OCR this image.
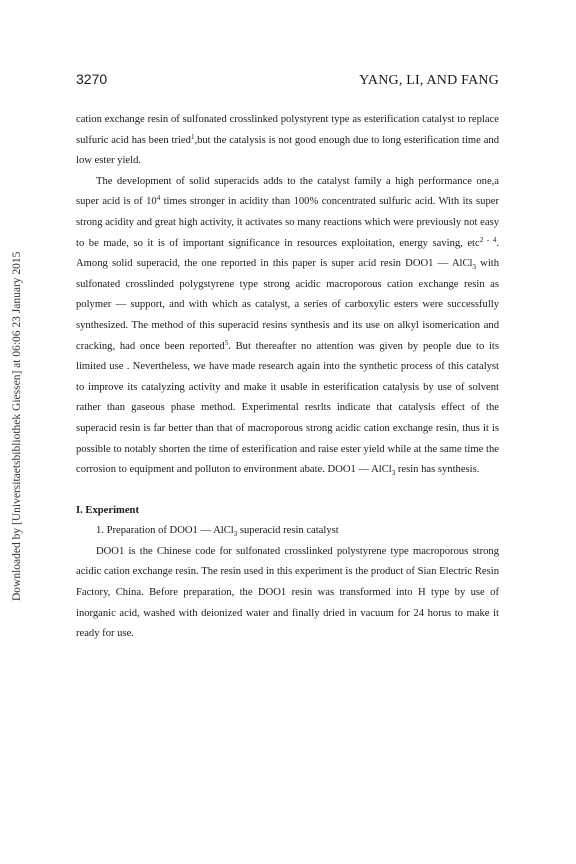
Downloaded by [Universitaetsbibliothek Giessen] at 06:06 23 January 2015
3270	YANG, LI, AND FANG

cation exchange resin of sulfonated crosslinked polystyrent type as esterification catalyst to replace sulfuric acid has been tried$^1$,but the catalysis is not good enough due to long esterification time and low ester yield.

The development of solid superacids adds to the catalyst family a high performance one,a super acid is of $10^4$ times stronger in acidity than 100% concentrated sulfuric acid. With its super strong acidity and great high activity, it activates so many reactions which were previously not easy to be made, so it is of important significance in resources exploitation, energy saving, etc$^{2 - 4}$. Among solid superacid, the one reported in this paper is super acid resin DOO1 — AlCl$_3$ with sulfonated crosslinded polygstyrene type strong acidic macroporous cation exchange resin as polymer — support, and with which as catalyst, a series of carboxylic esters were successfully synthesized. The method of this superacid resins synthesis and its use on alkyl isomerication and cracking, had once been reported$^5$. But thereafter no attention was given by people due to its limited use . Nevertheless, we have made research again into the synthetic process of this catalyst to improve its catalyzing activity and make it usable in esterification catalysis by use of solvent rather than gaseous phase method. Experimental resrlts indicate that catalysis effect of the superacid resin is far better than that of macroporous strong acidic cation exchange resin, thus it is possible to notably shorten the time of esterification and raise ester yield while at the same time the corrosion to equipment and polluton to environment abate. DOO1 — AlCl$_3$ resin has synthesis.

I. Experiment

1. Preparation of DOO1 — AlCl$_3$ superacid resin catalyst

DOO1 is the Chinese code for sulfonated crosslinked polystyrene type macroporous strong acidic cation exchange resin. The resin used in this experiment is the product of Sian Electric Resin Factory, China. Before preparation, the DOO1 resin was transformed into H type by use of inorganic acid, washed with deionized water and finally dried in vacuum for 24 horus to make it ready for use.
